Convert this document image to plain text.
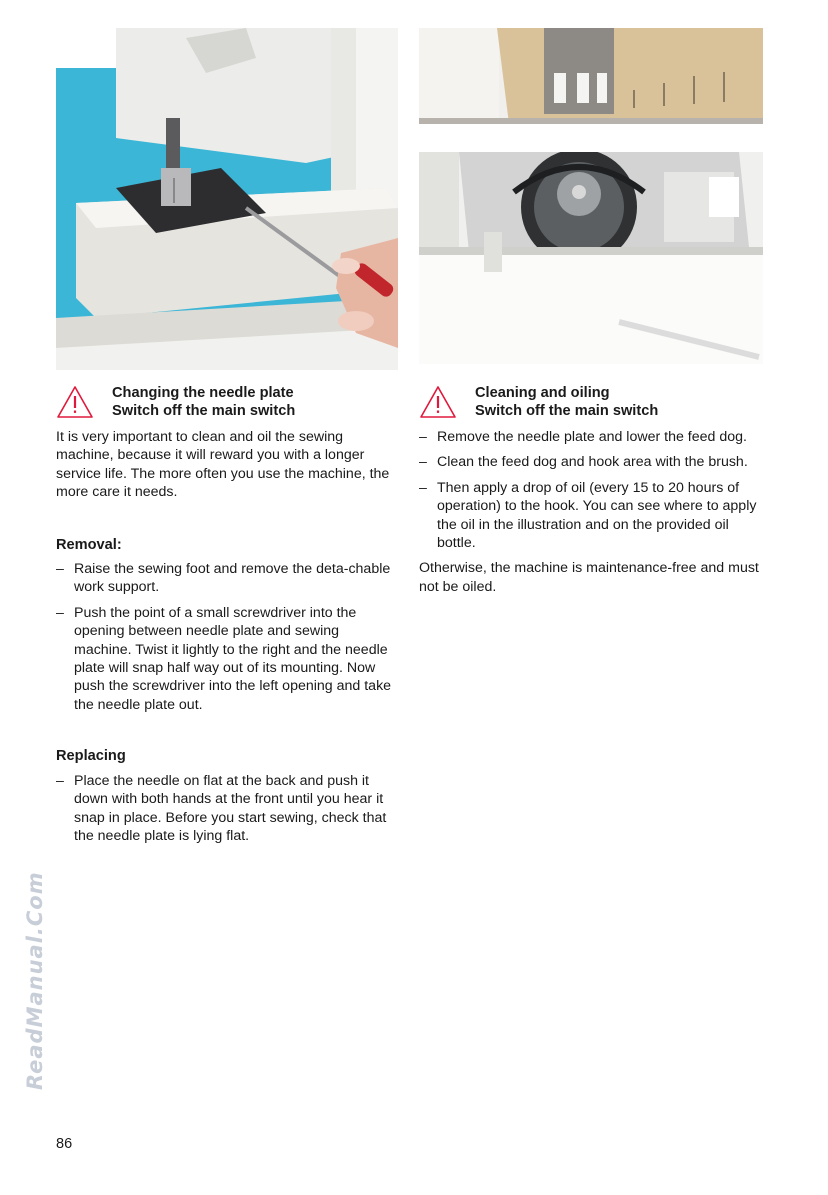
Changing the needle plate
Switch off the main switch

It is very important to clean and oil the sewing machine, because it will reward you with a longer service life. The more often you use the machine, the more care it needs.

Removal:
– Raise the sewing foot and remove the deta-chable work support.
– Push the point of a small screwdriver into the opening between needle plate and sewing machine. Twist it lightly to the right and the needle plate will snap half way out of its mounting. Now push the screwdriver into the left opening and take the needle plate out.
Replacing
– Place the needle on flat at the back and push it down with both hands at the front until you hear it snap in place. Before you start sewing, check that the needle plate is lying flat.
Cleaning and oiling
Switch off the main switch
– Remove the needle plate and lower the feed dog.
– Clean the feed dog and hook area with the brush.
– Then apply a drop of oil (every 15 to 20 hours of operation) to the hook. You can see where to apply the oil in the illustration and on the provided oil bottle.

Otherwise, the machine is maintenance-free and must not be oiled.

ReadManual.Com
86
